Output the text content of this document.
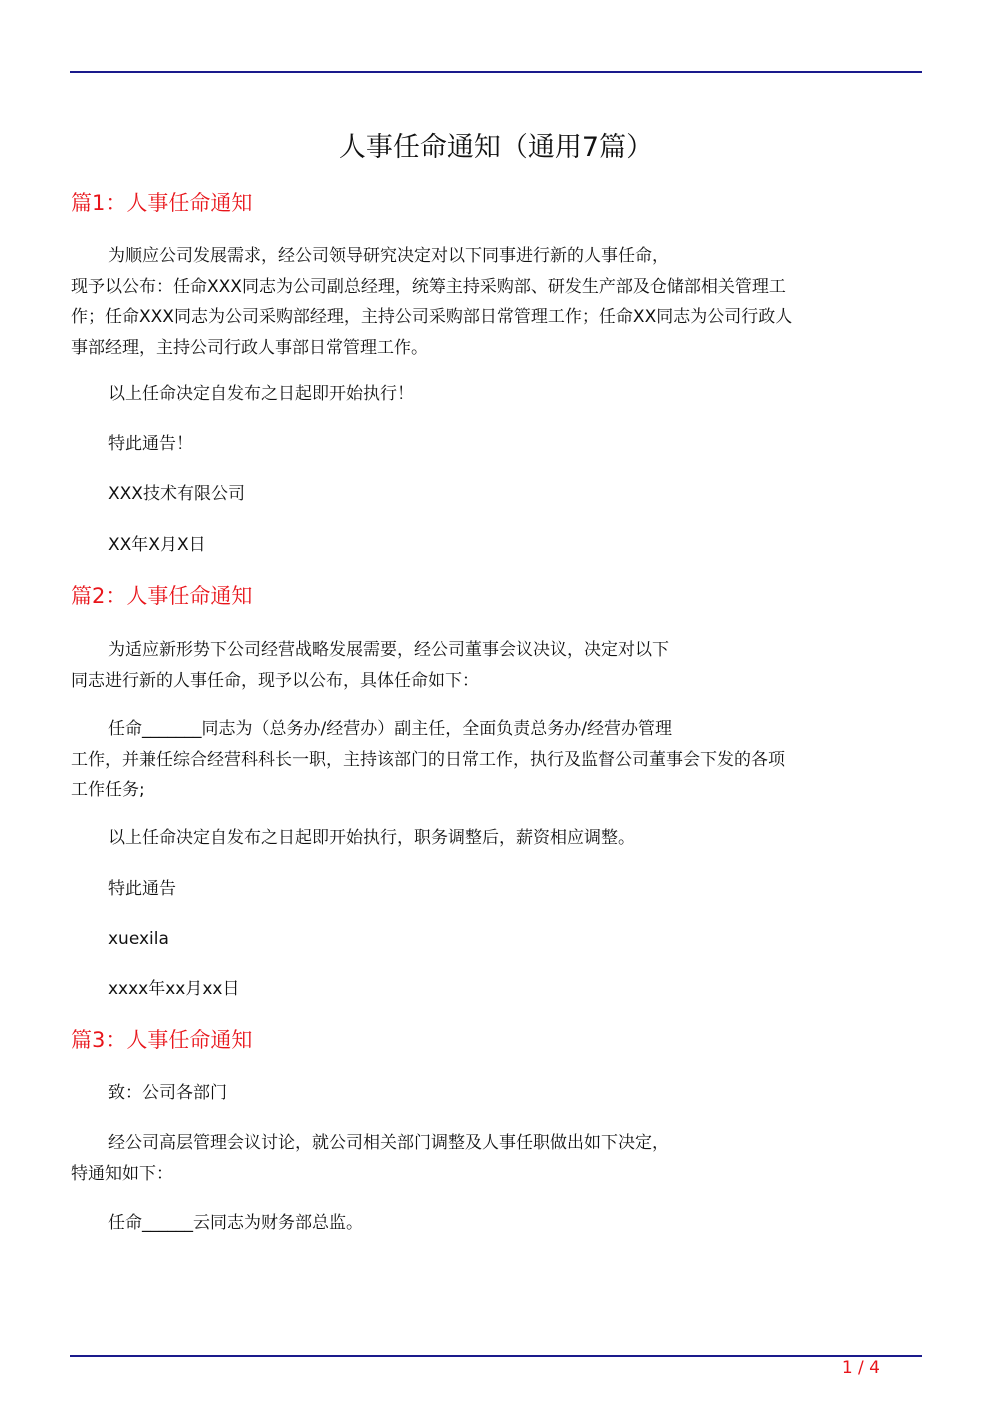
人事任命通知（通用7篇）
篇1：人事任命通知
为顺应公司发展需求，经公司领导研究决定对以下同事进行新的人事任命，
现予以公布：任命XXX同志为公司副总经理，统筹主持采购部、研发生产部及仓储部相关管理工
作；任命XXX同志为公司采购部经理，主持公司采购部日常管理工作；任命XX同志为公司行政人
事部经理，主持公司行政人事部日常管理工作。
以上任命决定自发布之日起即开始执行！
特此通告！
XXX技术有限公司
XX年X月X日
篇2：人事任命通知
为适应新形势下公司经营战略发展需要，经公司董事会议决议，决定对以下
同志进行新的人事任命，现予以公布，具体任命如下：
任命_______同志为（总务办/经营办）副主任，全面负责总务办/经营办管理
工作，并兼任综合经营科科长一职，主持该部门的日常工作，执行及监督公司董事会下发的各项
工作任务;
以上任命决定自发布之日起即开始执行，职务调整后，薪资相应调整。
特此通告
xuexila
xxxx年xx月xx日
篇3：人事任命通知
致：公司各部门
经公司高层管理会议讨论，就公司相关部门调整及人事任职做出如下决定，
特通知如下：
任命______云同志为财务部总监。
1 / 4
